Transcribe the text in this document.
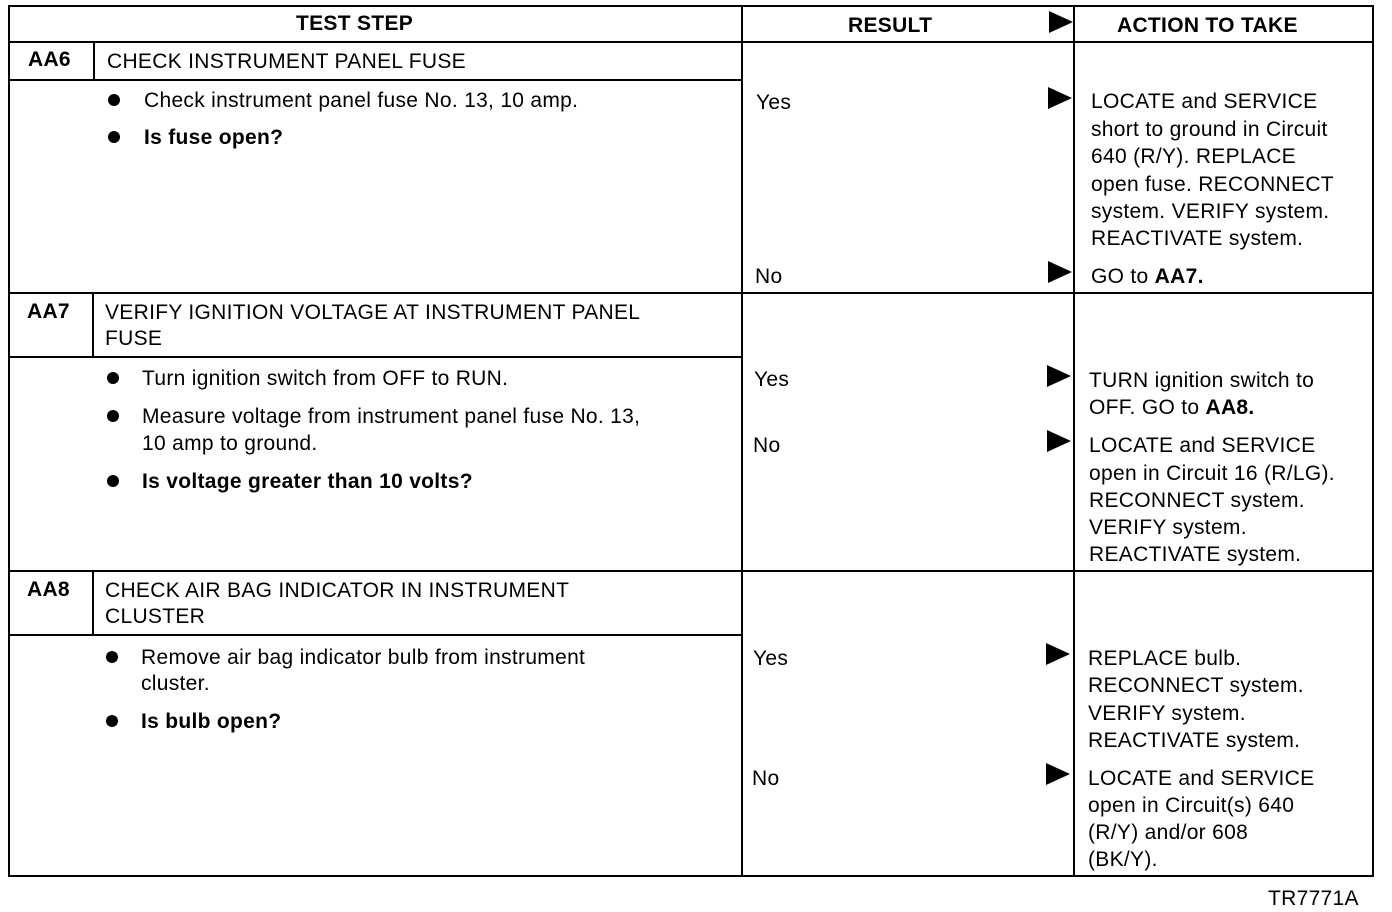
TEST STEP	RESULT	ACTION TO TAKE
AA6 CHECK INSTRUMENT PANEL FUSE
Check instrument panel fuse No. 13, 10 amp.
Is fuse open?
Yes	LOCATE and SERVICE
short to ground in Circuit
640 (R/Y). REPLACE
open fuse. RECONNECT
system. VERIFY system.
REACTIVATE system.
No	GO to AA7.
AA7 VERIFY IGNITION VOLTAGE AT INSTRUMENT PANEL
FUSE
Turn ignition switch from OFF to RUN.
Measure voltage from instrument panel fuse No. 13,
10 amp to ground.
Is voltage greater than 10 volts?
Yes	TURN ignition switch to
OFF. GO to AA8.
No	LOCATE and SERVICE
open in Circuit 16 (R/LG).
RECONNECT system.
VERIFY system.
REACTIVATE system.
AA8 CHECK AIR BAG INDICATOR IN INSTRUMENT
CLUSTER
Remove air bag indicator bulb from instrument
cluster.
Is bulb open?
Yes	REPLACE bulb.
RECONNECT system.
VERIFY system.
REACTIVATE system.
No	LOCATE and SERVICE
open in Circuit(s) 640
(R/Y) and/or 608
(BK/Y).
TR7771A
